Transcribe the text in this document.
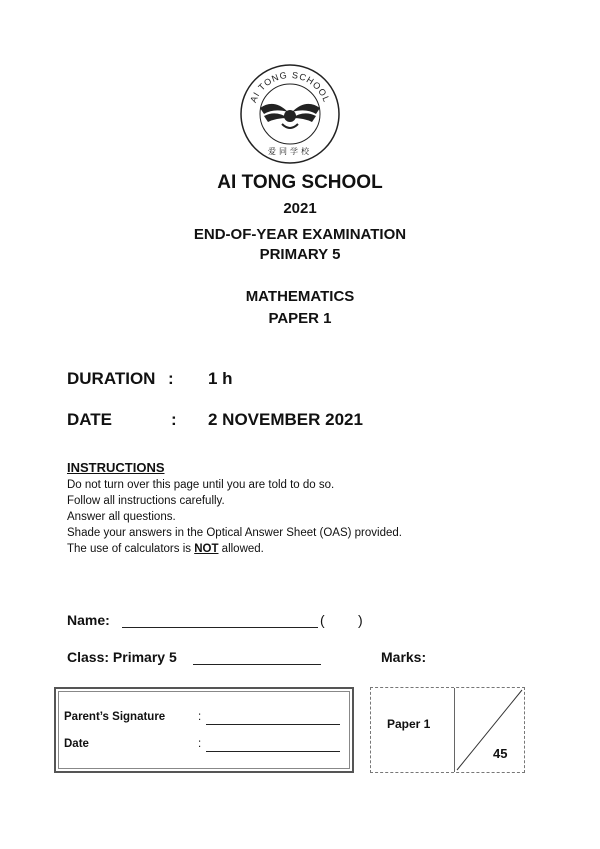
AI TONG SCHOOL
爱同学校
AI TONG SCHOOL
2021
END-OF-YEAR EXAMINATION
PRIMARY 5
MATHEMATICS
PAPER 1
DURATION : 1 h
DATE	: 2 NOVEMBER 2021
INSTRUCTIONS
Do not turn over this page until you are told to do so.
Follow all instructions carefully.
Answer all questions.
Shade your answers in the Optical Answer Sheet (OAS) provided.
The use of calculators is NOT allowed.
Name:	( )
Class: Primary 5	Marks:
Parent’s Signature	:
Date	:
Paper 1
45
